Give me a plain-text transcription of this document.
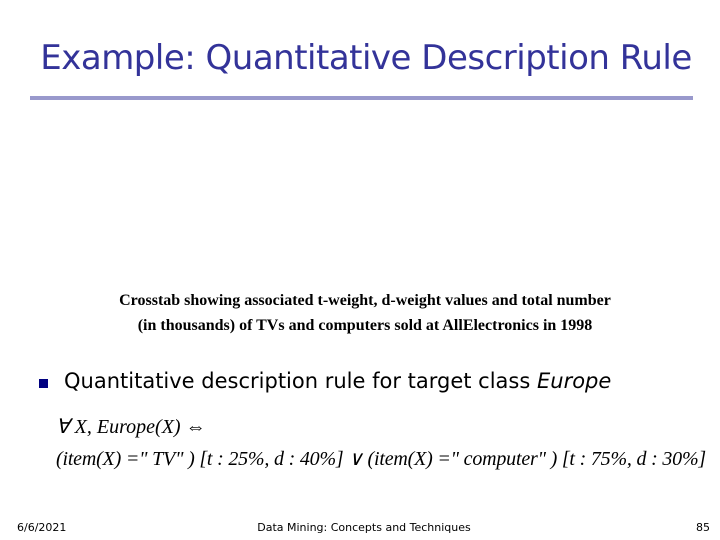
Example: Quantitative Description Rule
Crosstab showing associated t-weight, d-weight values and total number
(in thousands) of TVs and computers sold at AllElectronics in 1998
Quantitative description rule for target class Europe
∀ X, Europe(X) ⇔
(item(X) =" TV" ) [t : 25%, d : 40%] ∨ (item(X) =" computer" ) [t : 75%, d : 30%]
6/6/2021	Data Mining: Concepts and Techniques	85
